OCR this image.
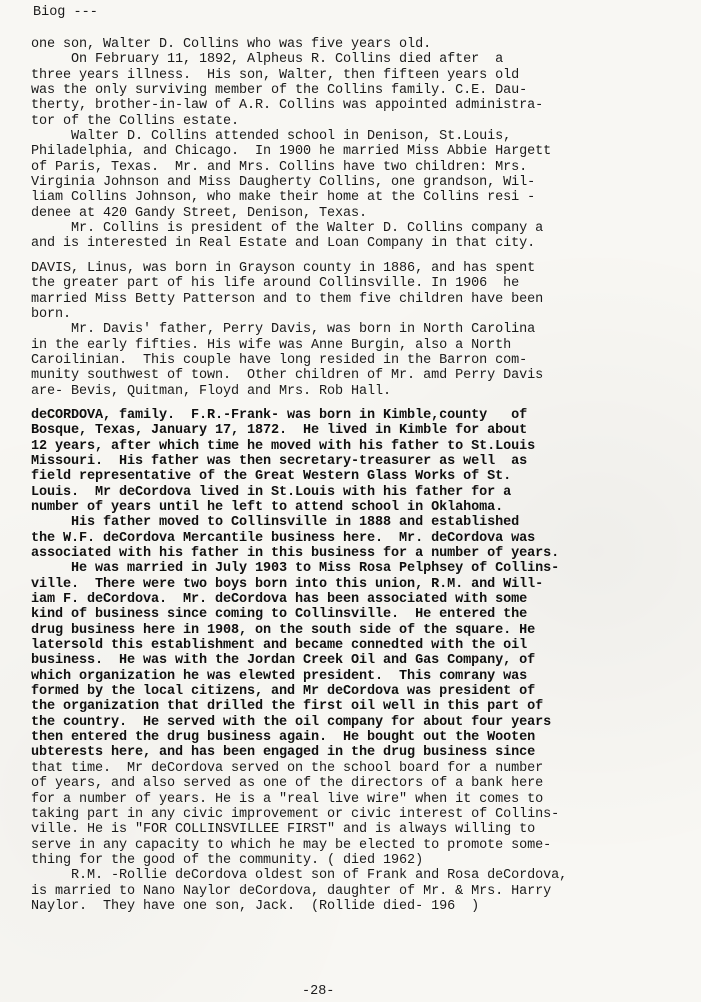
Biog ---
one son, Walter D. Collins who was five years old.
On February 11, 1892, Alpheus R. Collins died after  a
three years illness.  His son, Walter, then fifteen years old
was the only surviving member of the Collins family. C.E. Dau-
therty, brother-in-law of A.R. Collins was appointed administra-
tor of the Collins estate.
Walter D. Collins attended school in Denison, St.Louis,
Philadelphia, and Chicago.  In 1900 he married Miss Abbie Hargett
of Paris, Texas.  Mr. and Mrs. Collins have two children: Mrs.
Virginia Johnson and Miss Daugherty Collins, one grandson, Wil-
liam Collins Johnson, who make their home at the Collins resi -
denee at 420 Gandy Street, Denison, Texas.
Mr. Collins is president of the Walter D. Collins company a
and is interested in Real Estate and Loan Company in that city.
DAVIS, Linus, was born in Grayson county in 1886, and has spent
the greater part of his life around Collinsville. In 1906  he
married Miss Betty Patterson and to them five children have been
born.
Mr. Davis' father, Perry Davis, was born in North Carolina
in the early fifties. His wife was Anne Burgin, also a North
Caroilinian.  This couple have long resided in the Barron com-
munity southwest of town.  Other children of Mr. amd Perry Davis
are- Bevis, Quitman, Floyd and Mrs. Rob Hall.
deCORDOVA, family.  F.R.-Frank- was born in Kimble,county   of
Bosque, Texas, January 17, 1872.  He lived in Kimble for about
12 years, after which time he moved with his father to St.Louis
Missouri.  His father was then secretary-treasurer as well  as
field representative of the Great Western Glass Works of St.
Louis.  Mr deCordova lived in St.Louis with his father for a
number of years until he left to attend school in Oklahoma.
His father moved to Collinsville in 1888 and established
the W.F. deCordova Mercantile business here.  Mr. deCordova was
associated with his father in this business for a number of years.
He was married in July 1903 to Miss Rosa Pelphsey of Collins-
ville.  There were two boys born into this union, R.M. and Will-
iam F. deCordova.  Mr. deCordova has been associated with some
kind of business since coming to Collinsville.  He entered the
drug business here in 1908, on the south side of the square. He
latersold this establishment and became connedted with the oil
business.  He was with the Jordan Creek Oil and Gas Company, of
which organization he was elewted president.  This comrany was
formed by the local citizens, and Mr deCordova was president of
the organization that drilled the first oil well in this part of
the country.  He served with the oil company for about four years
then entered the drug business again.  He bought out the Wooten
ubterests here, and has been engaged in the drug business since
that time.  Mr deCordova served on the school board for a number
of years, and also served as one of the directors of a bank here
for a number of years. He is a "real live wire" when it comes to
taking part in any civic improvement or civic interest of Collins-
ville. He is "FOR COLLINSVILLEE FIRST" and is always willing to
serve in any capacity to which he may be elected to promote some-
thing for the good of the community. ( died 1962)
R.M. -Rollie deCordova oldest son of Frank and Rosa deCordova,
is married to Nano Naylor deCordova, daughter of Mr. & Mrs. Harry
Naylor.  They have one son, Jack.  (Rollide died- 196  )
-28-
